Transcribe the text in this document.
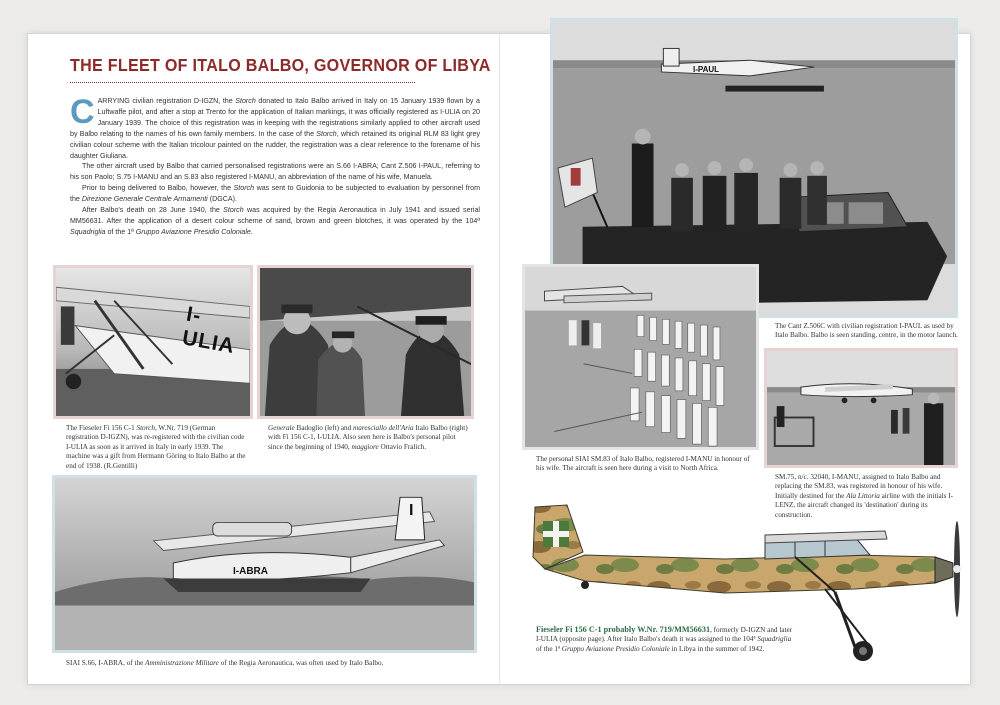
THE FLEET OF ITALO BALBO, GOVERNOR OF LIBYA

CARRYING civilian registration D-IGZN, the Storch donated to Italo Balbo arrived in Italy on 15 January 1939 flown by a Luftwaffe pilot, and after a stop at Trento for the application of Italian markings, it was officially registered as I-ULIA on 20 January 1939. The choice of this registration was in keeping with the registrations similarly applied to other aircraft used by Balbo relating to the names of his own family members. In the case of the Storch, which retained its original RLM 83 light grey civilian colour scheme with the Italian tricolour painted on the rudder, the registration was a clear reference to the forename of his daughter Giuliana.

The other aircraft used by Balbo that carried personalised registrations were an S.66 I-ABRA; Cant Z.506 I-PAUL, referring to his son Paolo; S.75 I-MANU and an S.83 also registered I-MANU, an abbreviation of the name of his wife, Manuela.

Prior to being delivered to Balbo, however, the Storch was sent to Guidonia to be subjected to evaluation by personnel from the Direzione Generale Centrale Armamenti (DGCA).

After Balbo's death on 28 June 1940, the Storch was acquired by the Regia Aeronautica in July 1941 and issued serial MM56631. After the application of a desert colour scheme of sand, brown and green blotches, it was operated by the 104ª Squadriglia of the 1ª Gruppo Aviazione Presidio Coloniale.

I-ULIA
The Fieseler Fi 156 C-1 Storch, W.Nr. 719 (German registration D-IGZN), was re-registered with the civilian code I-ULIA as soon as it arrived in Italy in early 1939. The machine was a gift from Hermann Göring to Italo Balbo at the end of 1938. (R.Gentilli)
Generale Badoglio (left) and maresciallo dell'Aria Italo Balbo (right) with Fi 156 C-1, I-ULIA. Also seen here is Balbo's personal pilot since the beginning of 1940, maggiore Ottavio Fralich.
I-ABRA
I
SIAI S.66, I-ABRA, of the Amministrazione Militare of the Regia Aeronautica, was often used by Italo Balbo.
I-PAUL
The Cant Z.506C with civilian registration I-PAUL as used by Italo Balbo. Balbo is seen standing, centre, in the motor launch.
The personal SIAI SM.83 of Italo Balbo, registered I-MANU in honour of his wife. The aircraft is seen here during a visit to North Africa.
SM.75, n/c. 32040, I-MANU, assigned to Italo Balbo and replacing the SM.83, was registered in honour of his wife. Initially destined for the Ala Littoria airline with the initials I-LENZ, the aircraft changed its 'destination' during its construction.
Fieseler Fi 156 C-1 probably W.Nr. 719/MM56631, formerly D-IGZN and later I-ULIA (opposite page). After Italo Balbo's death it was assigned to the 104ª Squadriglia of the 1ª Gruppo Aviazione Presidio Coloniale in Libya in the summer of 1942.
